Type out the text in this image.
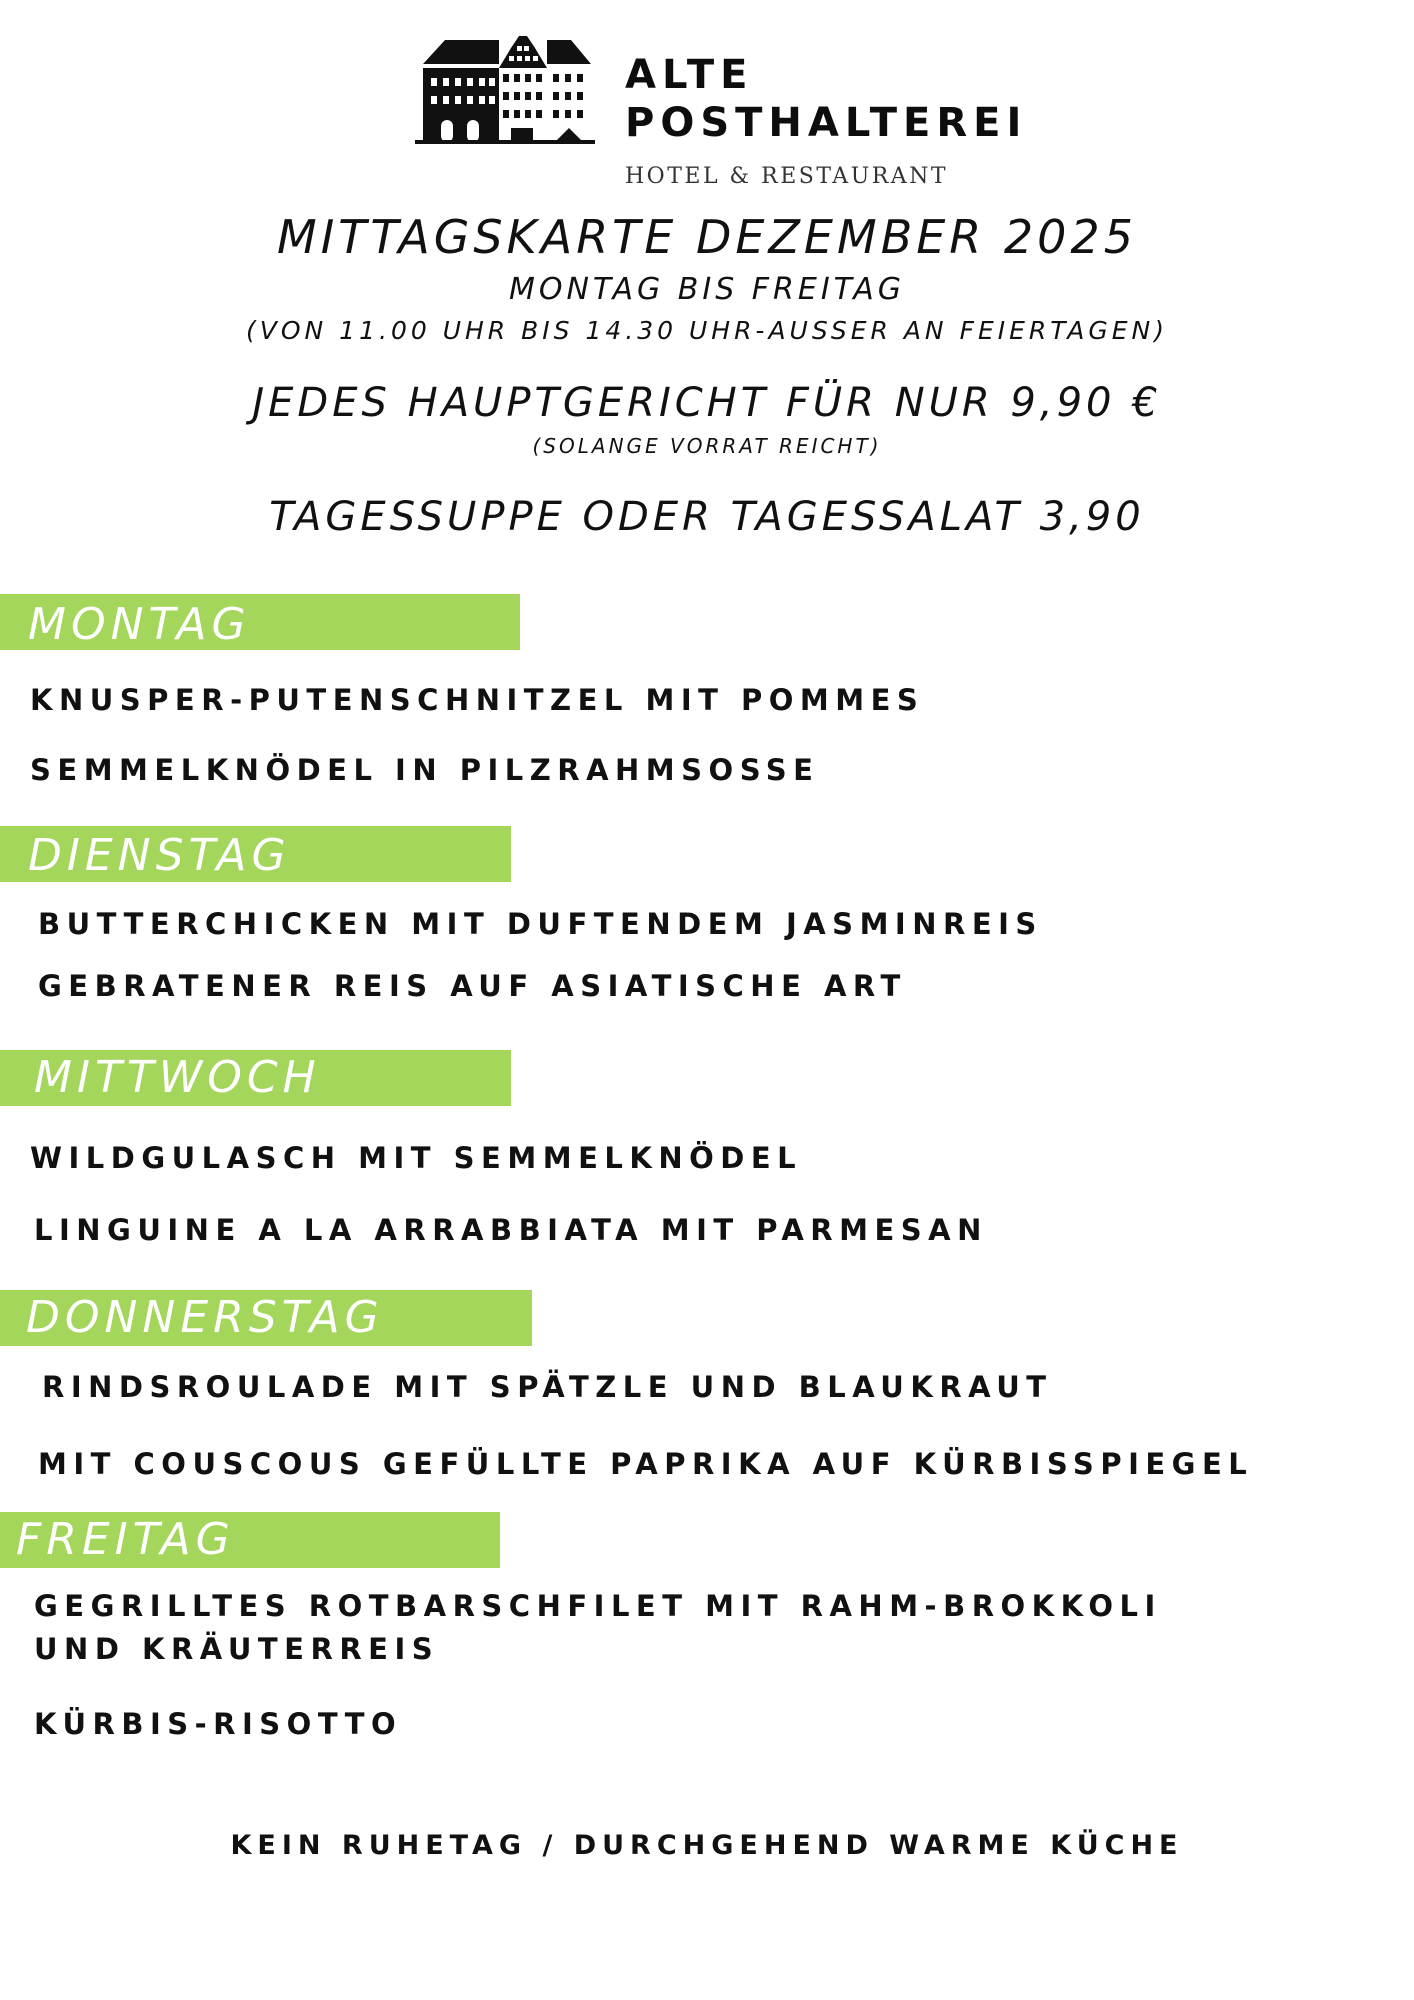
ALTE
POSTHALTEREI
HOTEL & RESTAURANT
MITTAGSKARTE DEZEMBER 2025
MONTAG BIS FREITAG
(VON 11.00 UHR BIS 14.30 UHR-AUSSER AN FEIERTAGEN)
JEDES HAUPTGERICHT FÜR NUR 9,90 €
(SOLANGE VORRAT REICHT)
TAGESSUPPE ODER TAGESSALAT 3,90
MONTAG
KNUSPER-PUTENSCHNITZEL MIT POMMES
SEMMELKNÖDEL IN PILZRAHMSOSSE
DIENSTAG
BUTTERCHICKEN MIT DUFTENDEM JASMINREIS
GEBRATENER REIS AUF ASIATISCHE ART
MITTWOCH
WILDGULASCH MIT SEMMELKNÖDEL
LINGUINE A LA ARRABBIATA MIT PARMESAN
DONNERSTAG
RINDSROULADE MIT SPÄTZLE UND BLAUKRAUT
MIT COUSCOUS GEFÜLLTE PAPRIKA AUF KÜRBISSPIEGEL
FREITAG
GEGRILLTES ROTBARSCHFILET MIT RAHM-BROKKOLI
UND KRÄUTERREIS
KÜRBIS-RISOTTO
KEIN RUHETAG / DURCHGEHEND WARME KÜCHE
